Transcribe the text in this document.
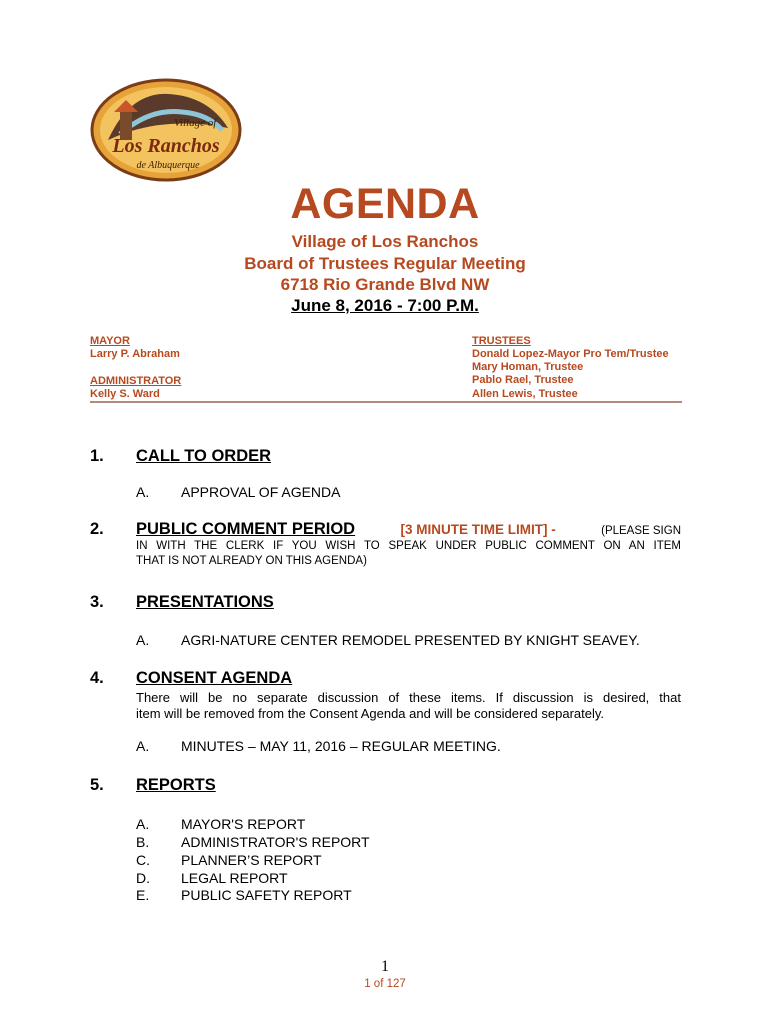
Village of
Los Ranchos
de Albuquerque
AGENDA
Village of Los Ranchos
Board of Trustees Regular Meeting
6718 Rio Grande Blvd NW
June 8, 2016 - 7:00 P.M.
MAYOR
Larry P. Abraham
ADMINISTRATOR
Kelly S. Ward
TRUSTEES
Donald Lopez-Mayor Pro Tem/Trustee
Mary Homan, Trustee
Pablo Rael, Trustee
Allen Lewis, Trustee
1. CALL TO ORDER
A. APPROVAL OF AGENDA
2. PUBLIC COMMENT PERIOD	[3 MINUTE TIME LIMIT] -	(PLEASE SIGN
IN WITH THE CLERK IF YOU WISH TO SPEAK UNDER PUBLIC COMMENT ON AN ITEM
THAT IS NOT ALREADY ON THIS AGENDA)
3. PRESENTATIONS
A. AGRI-NATURE CENTER REMODEL PRESENTED BY KNIGHT SEAVEY.
4. CONSENT AGENDA
There will be no separate discussion of these items. If discussion is desired, that
item will be removed from the Consent Agenda and will be considered separately.
A. MINUTES – MAY 11, 2016 – REGULAR MEETING.
5. REPORTS
A. MAYOR'S REPORT
B. ADMINISTRATOR'S REPORT
C. PLANNER’S REPORT
D. LEGAL REPORT
E. PUBLIC SAFETY REPORT
1
1 of 127
